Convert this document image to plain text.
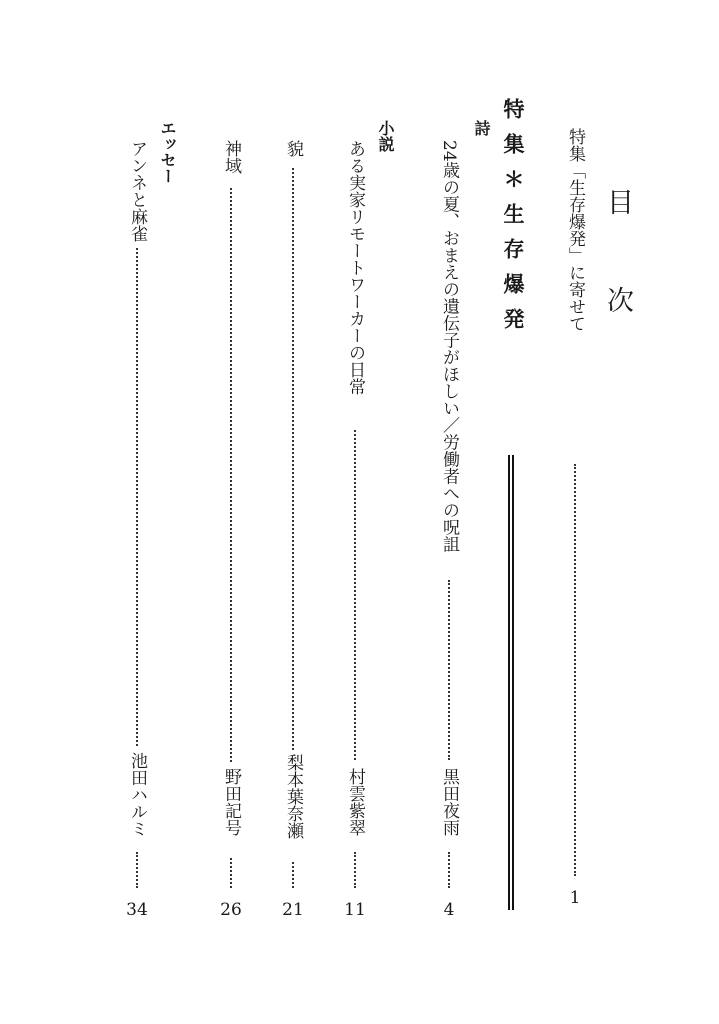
目　次
特集「生存爆発」に寄せて
1
特集＊生存爆発
詩
24歳の夏、おまえの遺伝子がほしい／労働者への呪詛
黒田夜雨
4
小説
ある実家リモートワーカーの日常
村雲紫翠
11
貌
梨本葉奈瀬
21
神域
野田記号
26
エッセー
アンネと麻雀
池田ハルミ
34
